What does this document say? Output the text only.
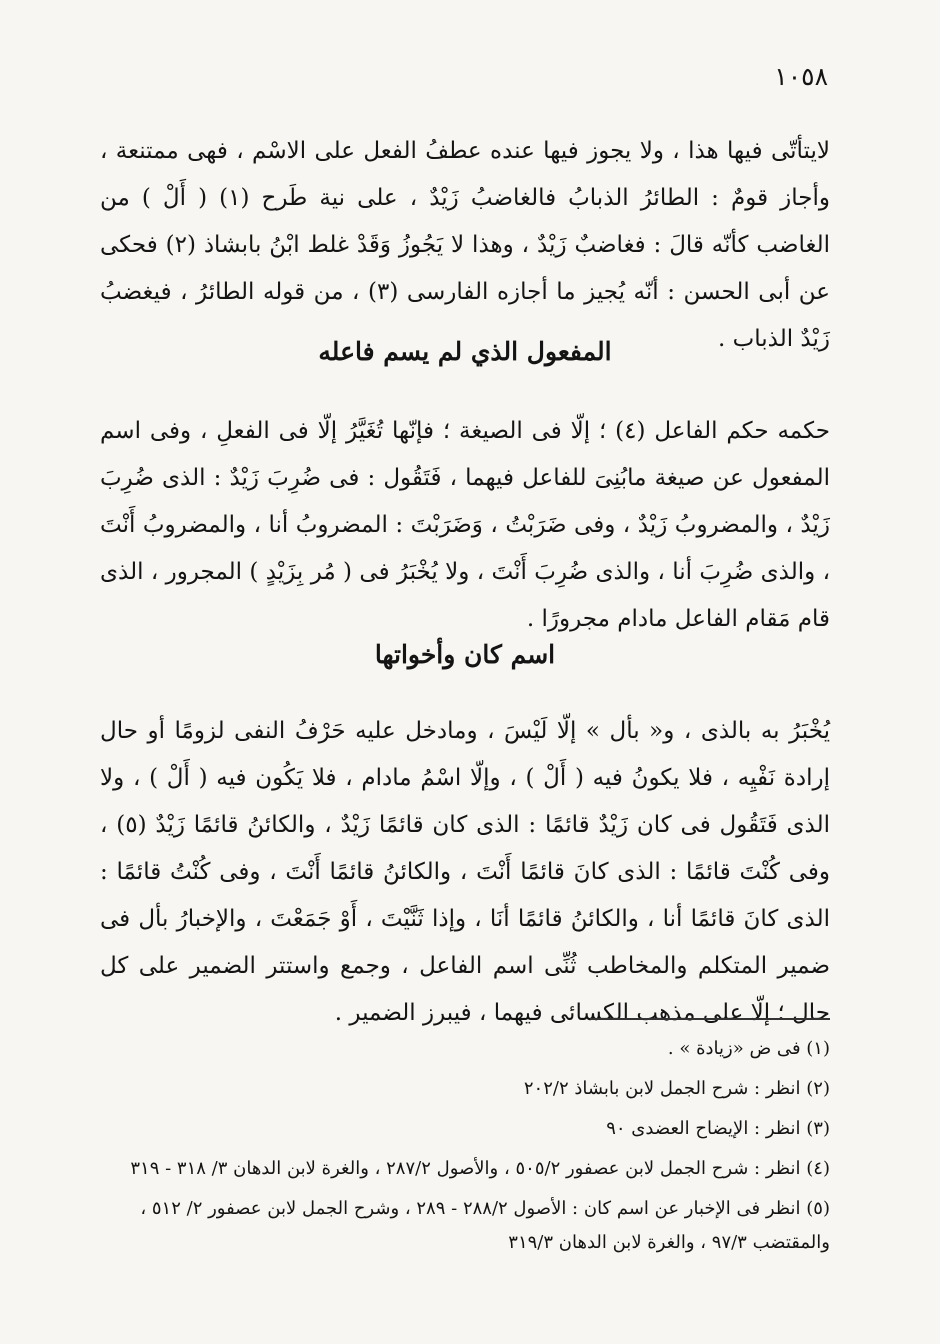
١٠٥٨

لايتأتّى فيها هذا ، ولا يجوز فيها عنده عطفُ الفعل على الاسْم ، فهى ممتنعة ، وأجاز قومٌ : الطائرُ الذبابُ فالغاضبُ زَيْدٌ ، على نية طَرح (١) ( أَلْ ) من الغاضب كأنّه قالَ : فغاضبٌ زَيْدٌ ، وهذا لا يَجُوزُ وَقَدْ غلط ابْنُ بابشاذ (٢) فحكى عن أبى الحسن : أنّه يُجيز ما أجازه الفارسى (٣) ، من قوله الطائرُ ، فيغضبُ زَيْدٌ الذباب .

المفعول الذي لم يسم فاعله

حكمه حكم الفاعل (٤) ؛ إلّا فى الصيغة ؛ فإنّها تُغَيَّرُ إلّا فى الفعلِ ، وفى اسم المفعول عن صيغة مابُنِىَ للفاعل فيهما ، فَتَقُول : فى ضُرِبَ زَيْدٌ : الذى ضُرِبَ زَيْدٌ ، والمضروبُ زَيْدٌ ، وفى ضَرَبْتُ ، وَضَرَبْتَ : المضروبُ أنا ، والمضروبُ أَنْتَ ، والذى ضُرِبَ أنا ، والذى ضُرِبَ أَنْتَ ، ولا يُخْبَرُ فى ( مُر بِزَيْدٍ ) المجرور ، الذى قام مَقام الفاعل مادام مجرورًا .

اسم كان وأخواتها

يُخْبَرُ به بالذى ، و« بأل » إلّا لَيْسَ ، ومادخل عليه حَرْفُ النفى لزومًا أو حال إرادة نَفْيِه ، فلا يكونُ فيه ( أَلْ ) ، وإلّا اسْمُ مادام ، فلا يَكُون فيه ( أَلْ ) ، ولا الذى فَتَقُول فى كان زَيْدٌ قائمًا : الذى كان قائمًا زَيْدٌ ، والكائنُ قائمًا زَيْدٌ (٥) ، وفى كُنْتَ قائمًا : الذى كانَ قائمًا أَنْتَ ، والكائنُ قائمًا أَنْتَ ، وفى كُنْتُ قائمًا : الذى كانَ قائمًا أنا ، والكائنُ قائمًا أنَا ، وإذا ثَنَّيْتَ ، أَوْ جَمَعْتَ ، والإخبارُ بأل فى ضمير المتكلم والمخاطب ثُنِّى اسم الفاعل ، وجمع واستتر الضمير على كل حال ؛ إلّا على مذهب الكسائى فيهما ، فيبرز الضمير .

(١) فى ض «زيادة » .

(٢) انظر : شرح الجمل لابن بابشاذ ٢٠٢/٢

(٣) انظر : الإيضاح العضدى ٩٠

(٤) انظر : شرح الجمل لابن عصفور ٥٠٥/٢ ، والأصول ٢٨٧/٢ ، والغرة لابن الدهان ٣/ ٣١٨ - ٣١٩

(٥) انظر فى الإخبار عن اسم كان : الأصول ٢٨٨/٢ - ٢٨٩ ، وشرح الجمل لابن عصفور ٢/ ٥١٢ ، والمقتضب ٩٧/٣ ، والغرة لابن الدهان ٣١٩/٣
